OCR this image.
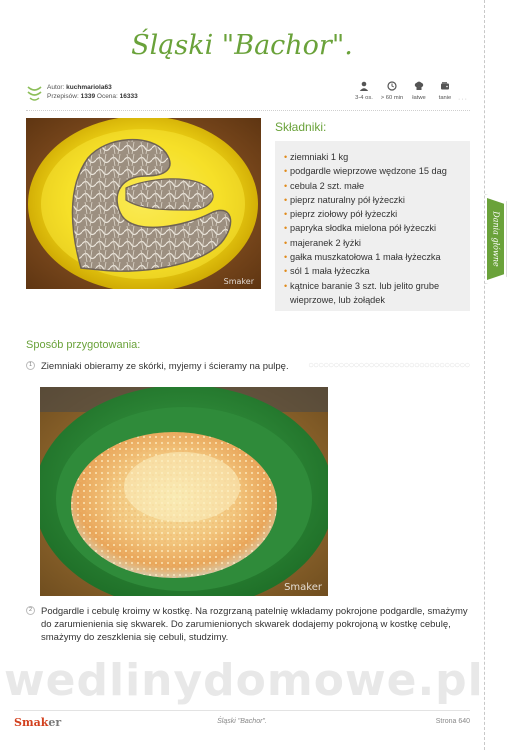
Śląski "Bachor".
Autor: kuchmariola63
Przepisów: 1339 Ocena: 16333	3-4 os.	> 60 min	łatwe	tanie ···
Smaker
Składniki:
• ziemniaki 1 kg
• podgardle wieprzowe wędzone 15 dag
• cebula 2 szt. małe
• pieprz naturalny pół łyżeczki
• pieprz ziołowy pół łyżeczki
• papryka słodka mielona pół łyżeczki
• majeranek 2 łyżki
• gałka muszkatołowa 1 mała łyżeczka
• sól 1 mała łyżeczka
• kątnice baranie 3 szt. lub jelito grube wieprzowe, lub żołądek
Dania główne
Sposób przygotowania:
1 Ziemniaki obieramy ze skórki, myjemy i ścieramy na pulpę. ○○○○○○○○○○○○○○○○○○○○○○○○○○○○○○○○
Smaker
2 Podgardle i cebulę kroimy w kostkę. Na rozgrzaną patelnię wkładamy pokrojone podgardle, smażymy do zarumienienia się skwarek. Do zarumienionych skwarek dodajemy pokrojoną w kostkę cebulę, smażymy do zeszklenia się cebuli, studzimy.
wedlinydomowe.pl
Smaker	Śląski "Bachor".	Strona 640
